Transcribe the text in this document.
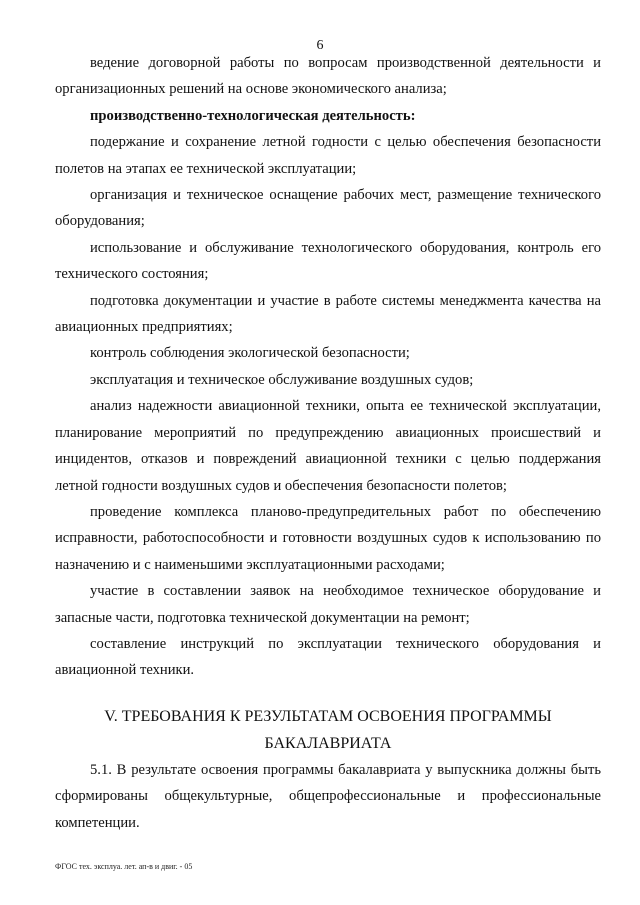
6

ведение договорной работы по вопросам производственной деятельности и организационных решений на основе экономического анализа;

производственно-технологическая деятельность:

подержание и сохранение летной годности с целью обеспечения безопасности полетов на этапах ее технической эксплуатации;

организация и техническое оснащение рабочих мест, размещение технического оборудования;

использование и обслуживание технологического оборудования, контроль его технического состояния;

подготовка документации и участие в работе системы менеджмента качества на авиационных предприятиях;

контроль соблюдения экологической безопасности;

эксплуатация и техническое обслуживание воздушных судов;

анализ надежности авиационной техники, опыта ее технической эксплуатации, планирование мероприятий по предупреждению авиационных происшествий и инцидентов, отказов и повреждений авиационной техники с целью поддержания летной годности воздушных судов и обеспечения безопасности полетов;

проведение комплекса планово-предупредительных работ по обеспечению исправности, работоспособности и готовности воздушных судов к использованию по назначению и с наименьшими эксплуатационными расходами;

участие в составлении заявок на необходимое техническое оборудование и запасные части, подготовка технической документации на ремонт;

составление инструкций по эксплуатации технического оборудования и авиационной техники.

V. ТРЕБОВАНИЯ К РЕЗУЛЬТАТАМ ОСВОЕНИЯ ПРОГРАММЫ БАКАЛАВРИАТА

5.1. В результате освоения программы бакалавриата у выпускника должны быть сформированы общекультурные, общепрофессиональные и профессиональные компетенции.

ФГОС тех. эксплуа. лет. ап-в и двиг. - 05
